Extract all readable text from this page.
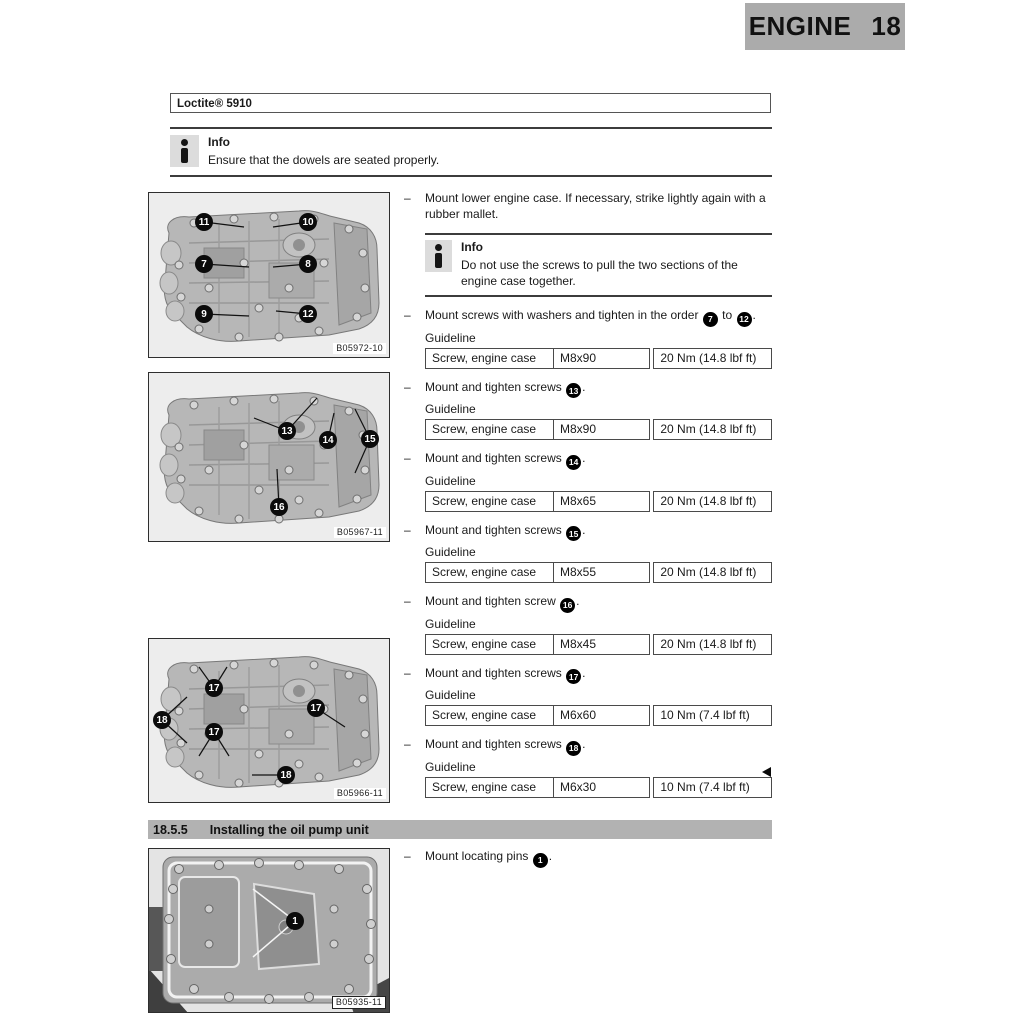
ENGINE 18
Loctite® 5910
Info
Ensure that the dowels are seated properly.
11	10
7	8
9	12
B05972-10
13
14	15
16
B05967-11
17
17
17
18
18
B05966-11
1
B05935-11
–	Mount lower engine case. If necessary, strike lightly again with a rubber mallet.
Info
Do not use the screws to pull the two sections of the engine case together.
–	Mount screws with washers and tighten in the order 7 to 12 .
Guideline
Screw, engine case	M8x90	20 Nm (14.8 lbf ft)
–	Mount and tighten screws 13 .
Guideline
Screw, engine case	M8x90	20 Nm (14.8 lbf ft)
–	Mount and tighten screws 14 .
Guideline
Screw, engine case	M8x65	20 Nm (14.8 lbf ft)
–	Mount and tighten screws 15 .
Guideline
Screw, engine case	M8x55	20 Nm (14.8 lbf ft)
–	Mount and tighten screw 16 .
Guideline
Screw, engine case	M8x45	20 Nm (14.8 lbf ft)
–	Mount and tighten screws 17 .
Guideline
Screw, engine case	M6x60	10 Nm (7.4 lbf ft)
–	Mount and tighten screws 18 .
Guideline
Screw, engine case	M6x30	10 Nm (7.4 lbf ft)
18.5.5 Installing the oil pump unit
–	Mount locating pins 1 .
